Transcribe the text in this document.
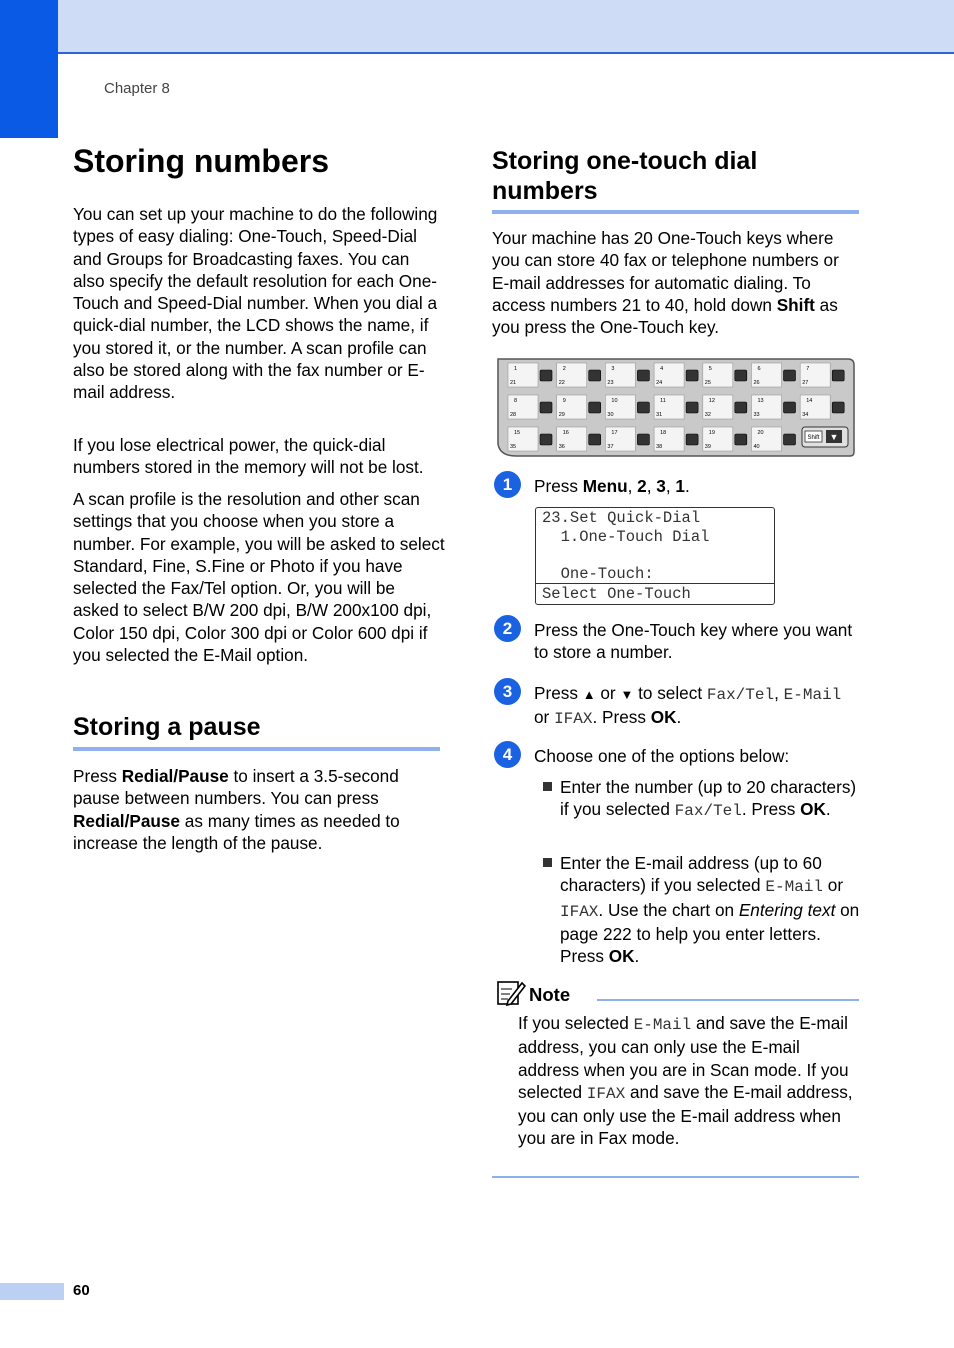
Chapter 8
Storing numbers
You can set up your machine to do the following types of easy dialing: One-Touch, Speed-Dial and Groups for Broadcasting faxes. You can also specify the default resolution for each One-Touch and Speed-Dial number. When you dial a quick-dial number, the LCD shows the name, if you stored it, or the number. A scan profile can also be stored along with the fax number or E-mail address.
If you lose electrical power, the quick-dial numbers stored in the memory will not be lost.
A scan profile is the resolution and other scan settings that you choose when you store a number. For example, you will be asked to select Standard, Fine, S.Fine or Photo if you have selected the Fax/Tel option. Or, you will be asked to select B/W 200 dpi, B/W 200x100 dpi, Color 150 dpi, Color 300 dpi or Color 600 dpi if you selected the E-Mail option.
Storing a pause
Press Redial/Pause to insert a 3.5-second pause between numbers. You can press Redial/Pause as many times as needed to increase the length of the pause.
Storing one-touch dial
numbers
Your machine has 20 One-Touch keys where you can store 40 fax or telephone numbers or E-mail addresses for automatic dialing. To access numbers 21 to 40, hold down Shift as you press the One-Touch key.
1
21
2
22
3
23
4
24
5
25
6
26
7
27
8
28
9
29
10
30
11
31
12
32
13
33
14
34
15
35
16
36
17
37
18
38
19
39
20
40
Shift ▼
1	Press Menu, 2, 3, 1.
23.Set Quick-Dial
1.One-Touch Dial
One-Touch:
Select One-Touch
2	Press the One-Touch key where you want to store a number.
3	Press ▲ or ▼ to select Fax/Tel, E-Mail
or IFAX. Press OK.
4	Choose one of the options below:
Enter the number (up to 20 characters) if you selected Fax/Tel. Press OK.
Enter the E-mail address (up to 60 characters) if you selected E-Mail or IFAX. Use the chart on Entering text on page 222 to help you enter letters. Press OK.
Note
If you selected E-Mail and save the E-mail address, you can only use the E-mail address when you are in Scan mode. If you selected IFAX and save the E-mail address, you can only use the E-mail address when you are in Fax mode.
60
